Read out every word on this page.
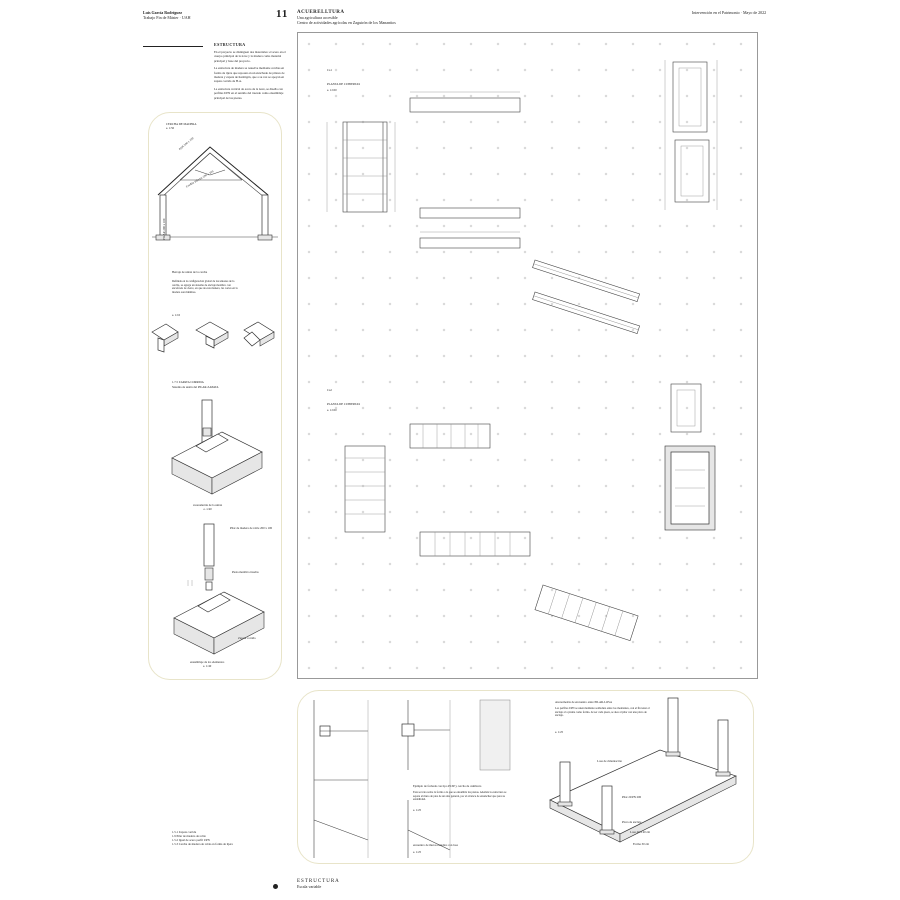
Luis García Rodríguez
Trabajo Fin de Máster · UAH	11 ACUERELLTURA
Una agricultura accesible
Centro de actividades agrícolas en Zaguirón de los Manantios
Intervención en el Patrimonio · Mayo de 2022
ESTRUCTURA

En el proyecto se distinguen dos materiales: el acero en el cuerpo principal de la nave y la madera como material principal y base del proyecto.

La estructura de madera se resuelve mediante cerchas en forma de tijera que reposan en un zunchado de pilares de madera y zapata de hormigón, que a su vez se apoyan en zapata corrida de H.A.

La estructura vertical de acero de la nave, se diseña con perfiles UPN en el sentido del trazado como ensamblaje principal de las piezas.

CERCHA DE MADERA
e. 1/50
PAR 200 x 100
Cordón inferior 200 x 100
PILAR 200 x 100
Herraje de unión de la cercha
Definida en la configuración global de las uniones de la cercha, se agrega un sistema de anclaje metálico con encofrado de cierre, en que de esta manera, las cortes en la madera son mínimos.
e. 1/10
1.7.5 ZAPATA CORRIDA
Sistema de unión del PILAR-ZAPATA
axonometría de la unión
e. 1/40
Pilar de madera de roble 200 x 100
Pieza metálica trasdós
Zapata corrida
ensamblaje de los elementos
e. 1/40
Ca1
PLANTA DE CUBIERTAS
e. 1/100
Ca2
PLANTA DE CUBIERTAS
e. 1/100
1.5.1 Zapata corrida
1.9 Pilar de madera de roble
1.5.2 Igual de acero perfil UPN
1.5.3 Cercha de madera de roble en forma de tijera
Ejemplo de fachada con tipo PLSP y cercha de cumbrera
Esta se trata sobre la forma a la que se ensambla las piezas. Además la estructura se separa al muro de pies de un alzo general, por el alcance de ensanchez que para su estabilidad.
e. 1/25
encuentro de muros estudios con losa
e. 1/25
Axonometría de encuentro entre PILAR-LOSA
Los perfiles UPN se unen mediante soldadura entre los montantes, con el fin tener el anclaje a la planta como forma. Al ser cada pieza, se alea al pilar con una placa de anclaje.
e. 1/25
Losa de cimentación
Pilar 2UPN 200
Placa de anclaje
Losa 40 x 40 cm
Forma 30 cm
ESTRUCTURA
Escala variable
